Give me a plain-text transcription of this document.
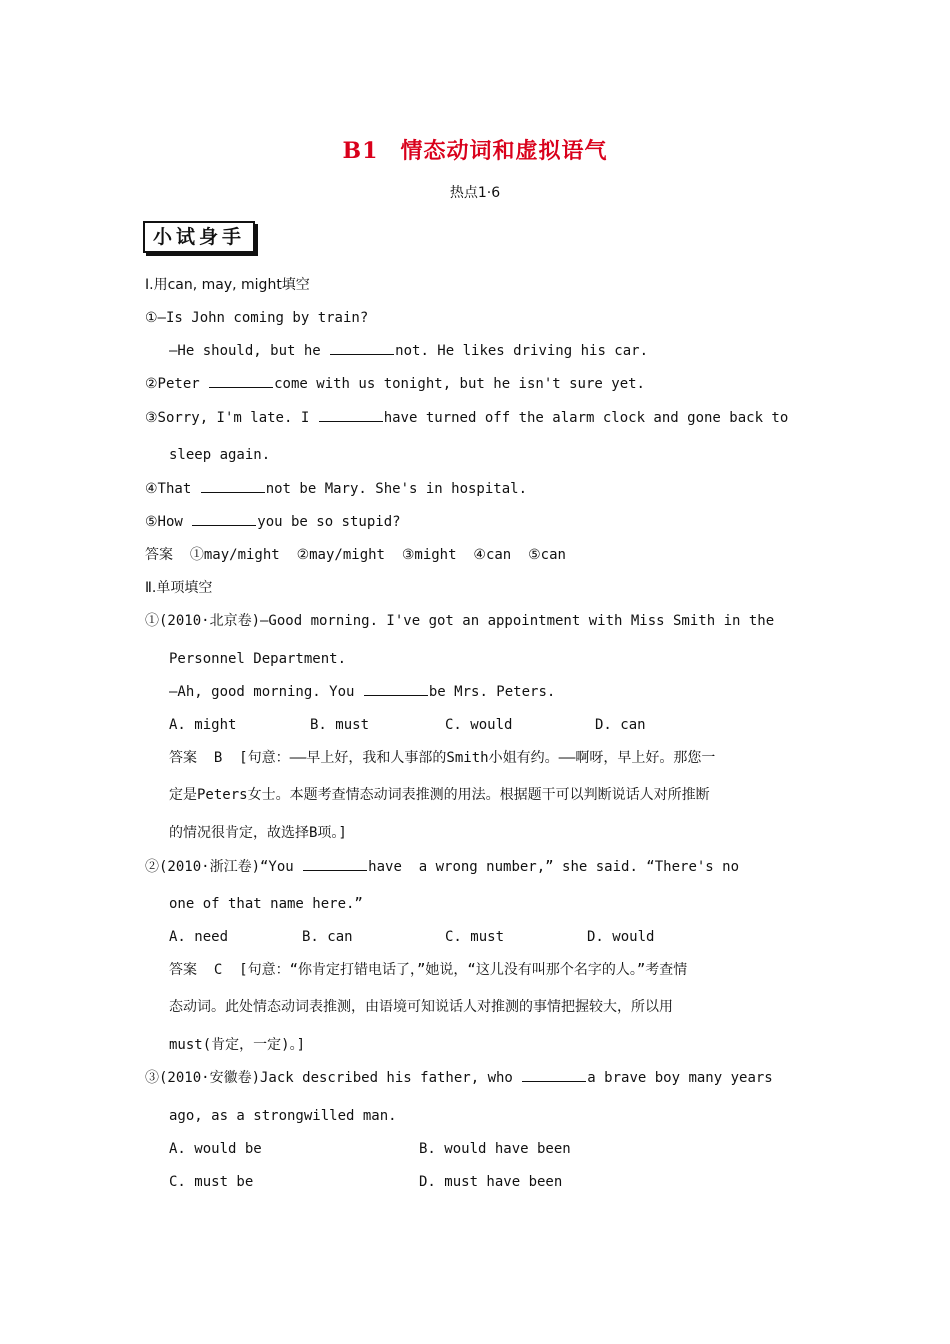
B1 情态动词和虚拟语气
热点1·6
小试身手
Ⅰ.用can, may, might填空
①—Is John coming by train?
—He should, but he	not. He likes driving his car.
②Peter	come with us tonight, but he isn't sure yet.
③Sorry, I'm late. I	have turned off the alarm clock and gone back to
sleep again.
④That	not be Mary. She's in hospital.
⑤How	you be so stupid?
答案  ①may/might  ②may/might  ③might  ④can  ⑤can
Ⅱ.单项填空
①(2010·北京卷)—Good morning. I've got an appointment with Miss Smith in the
Personnel Department.
—Ah, good morning. You	be Mrs. Peters.
A. might	B. must	C. would	D. can
答案  B  [句意：——早上好，我和人事部的Smith小姐有约。——啊呀，早上好。那您一
定是Peters女士。本题考查情态动词表推测的用法。根据题干可以判断说话人对所推断
的情况很肯定，故选择B项。]
②(2010·浙江卷)“You	have  a wrong number,” she said. “There's no
one of that name here.”
A. need	B. can	C. must	D. would
答案  C  [句意：“你肯定打错电话了，”她说，“这儿没有叫那个名字的人。”考查情
态动词。此处情态动词表推测，由语境可知说话人对推测的事情把握较大，所以用
must(肯定，一定)。]
③(2010·安徽卷)Jack described his father, who	a brave boy many years
ago, as a strongwilled man.
A. would be	B. would have been
C. must be	D. must have been
